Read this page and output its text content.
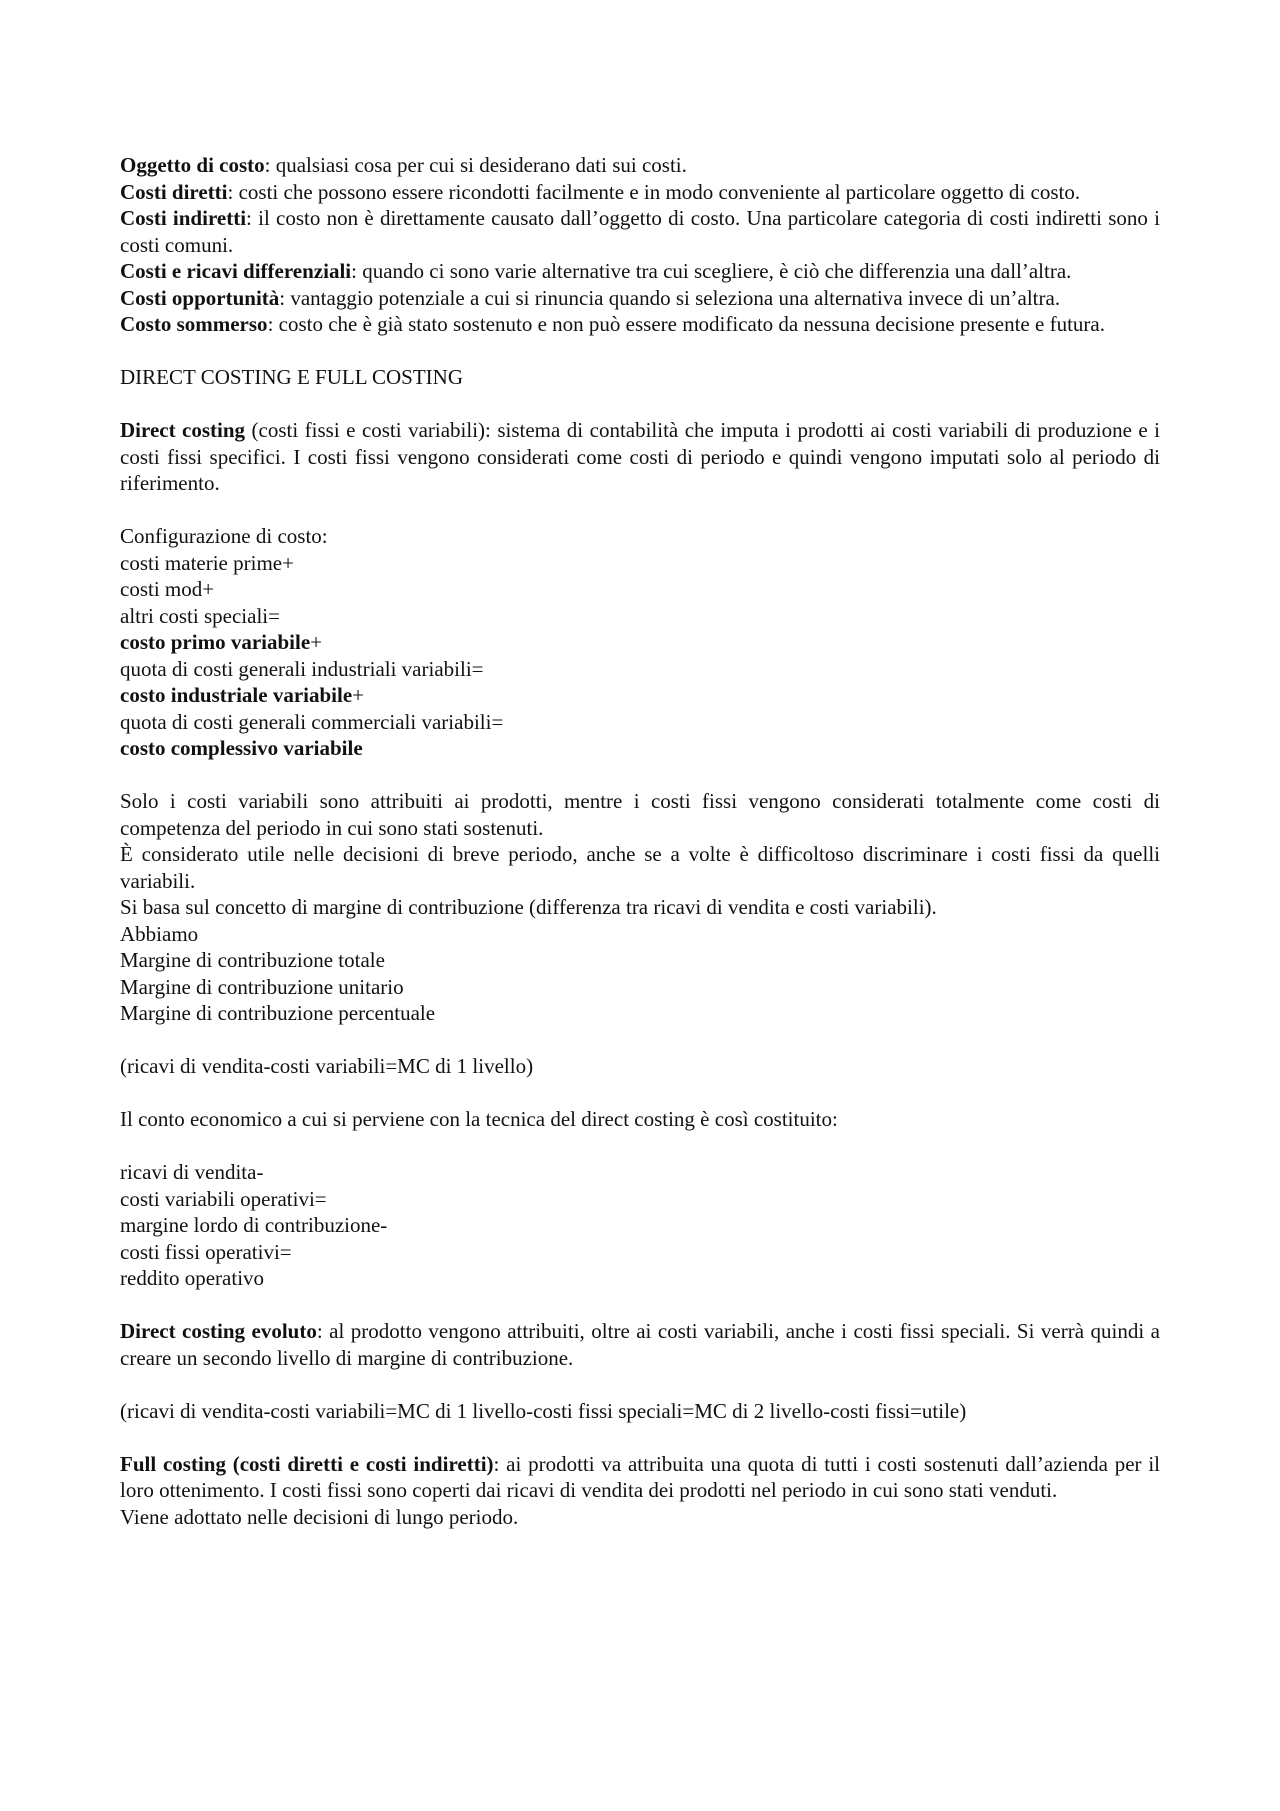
Oggetto di costo: qualsiasi cosa per cui si desiderano dati sui costi.

Costi diretti: costi che possono essere ricondotti facilmente e in modo conveniente al particolare oggetto di costo.

Costi indiretti: il costo non è direttamente causato dall’oggetto di costo. Una particolare categoria di costi indiretti sono i costi comuni.

Costi e ricavi differenziali: quando ci sono varie alternative tra cui scegliere, è ciò che differenzia una dall’altra.

Costi opportunità: vantaggio potenziale a cui si rinuncia quando si seleziona una alternativa invece di un’altra.

Costo sommerso: costo che è già stato sostenuto e non può essere modificato da nessuna decisione presente e futura.

DIRECT COSTING E FULL COSTING

Direct costing (costi fissi e costi variabili): sistema di contabilità che imputa i prodotti ai costi variabili di produzione e i costi fissi specifici. I costi fissi vengono considerati come costi di periodo e quindi vengono imputati solo al periodo di riferimento.

Configurazione di costo:

costi materie prime+

costi mod+

altri costi speciali=

costo primo variabile+

quota di costi generali industriali variabili=

costo industriale variabile+

quota di costi generali commerciali variabili=

costo complessivo variabile

Solo i costi variabili sono attribuiti ai prodotti, mentre i costi fissi vengono considerati totalmente come costi di competenza del periodo in cui sono stati sostenuti.

È considerato utile nelle decisioni di breve periodo, anche se a volte è difficoltoso discriminare i costi fissi da quelli variabili.

Si basa sul concetto di margine di contribuzione (differenza tra ricavi di vendita e costi variabili).

Abbiamo

Margine di contribuzione totale

Margine di contribuzione unitario

Margine di contribuzione percentuale

(ricavi di vendita-costi variabili=MC di 1 livello)

Il conto economico a cui si perviene con la tecnica del direct costing è così costituito:

ricavi di vendita-

costi variabili operativi=

margine lordo di contribuzione-

costi fissi operativi=

reddito operativo

Direct costing evoluto: al prodotto vengono attribuiti, oltre ai costi variabili, anche i costi fissi speciali. Si verrà quindi a creare un secondo livello di margine di contribuzione.

(ricavi di vendita-costi variabili=MC di 1 livello-costi fissi speciali=MC di 2 livello-costi fissi=utile)

Full costing (costi diretti e costi indiretti): ai prodotti va attribuita una quota di tutti i costi sostenuti dall’azienda per il loro ottenimento. I costi fissi sono coperti dai ricavi di vendita dei prodotti nel periodo in cui sono stati venduti.

Viene adottato nelle decisioni di lungo periodo.
